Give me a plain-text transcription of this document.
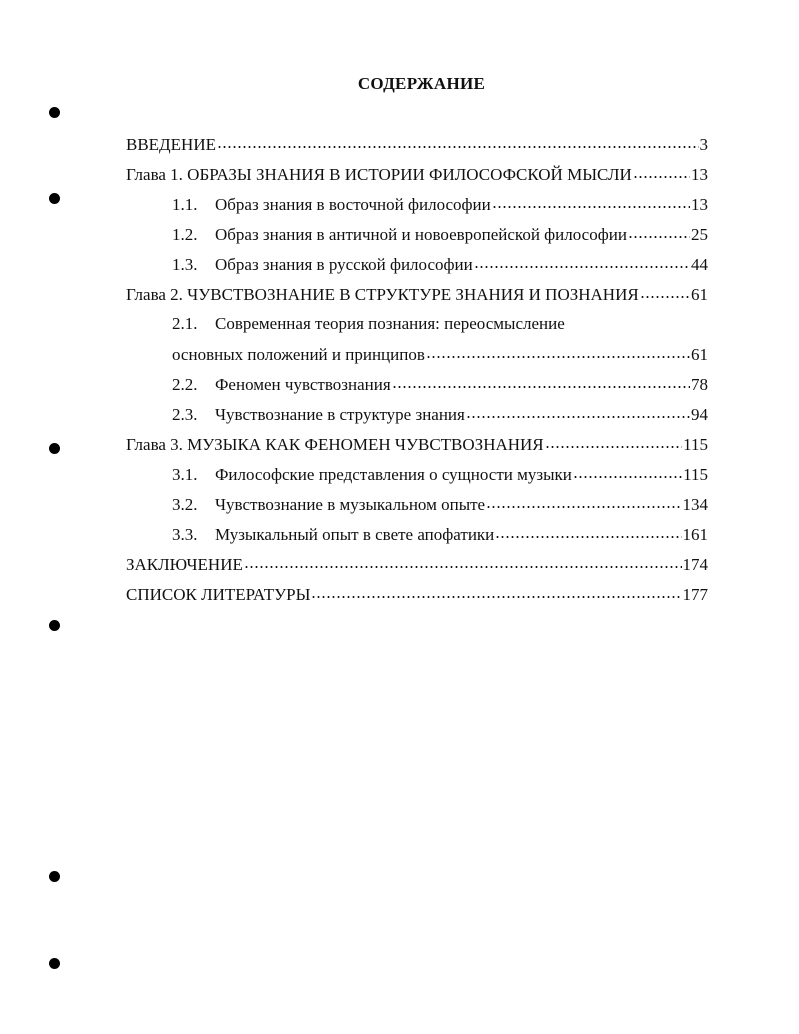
СОДЕРЖАНИЕ
ВВЕДЕНИЕ	3
Глава 1. ОБРАЗЫ ЗНАНИЯ В ИСТОРИИ ФИЛОСОФСКОЙ МЫСЛИ	13
1.1.	Образ знания в восточной философии	13
1.2.	Образ знания в античной и новоевропейской философии	25
1.3.	Образ знания в русской философии	44
Глава 2. ЧУВСТВОЗНАНИЕ В СТРУКТУРЕ ЗНАНИЯ И ПОЗНАНИЯ	61
2.1.	Современная теория познания: переосмысление
основных положений и принципов	61
2.2.	Феномен чувствознания	78
2.3.	Чувствознание в структуре знания	94
Глава 3. МУЗЫКА КАК ФЕНОМЕН ЧУВСТВОЗНАНИЯ	115
3.1.	Философские представления о сущности музыки	115
3.2.	Чувствознание в музыкальном опыте	134
3.3.	Музыкальный опыт в свете апофатики	161
ЗАКЛЮЧЕНИЕ	174
СПИСОК ЛИТЕРАТУРЫ	177
